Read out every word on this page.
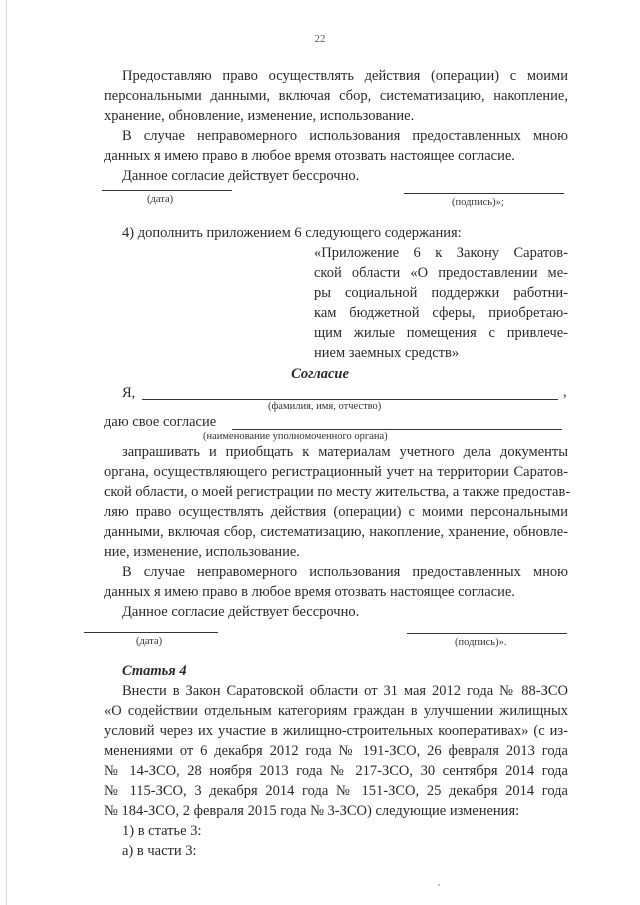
22
Предоставляю право осуществлять действия (операции) с моими
персональными данными, включая сбор, систематизацию, накопление,
хранение, обновление, изменение, использование.
В случае неправомерного использования предоставленных мною
данных я имею право в любое время отозвать настоящее согласие.
Данное согласие действует бессрочно.
(дата)	(подпись)»;
4) дополнить приложением 6 следующего содержания:
«Приложение 6 к Закону Саратов-
ской области «О предоставлении ме-
ры социальной поддержки работни-
кам бюджетной сферы, приобретаю-
щим жилые помещения с привлече-
нием заемных средств»
Согласие
Я,	,
(фамилия, имя, отчество)
даю свое согласие
(наименование уполномоченного органа)
запрашивать и приобщать к материалам учетного дела документы
органа, осуществляющего регистрационный учет на территории Саратов-
ской области, о моей регистрации по месту жительства, а также предостав-
ляю право осуществлять действия (операции) с моими персональными
данными, включая сбор, систематизацию, накопление, хранение, обновле-
ние, изменение, использование.
В случае неправомерного использования предоставленных мною
данных я имею право в любое время отозвать настоящее согласие.
Данное согласие действует бессрочно.
(дата)	(подпись)».
Статья 4
Внести в Закон Саратовской области от 31 мая 2012 года № 88-ЗСО
«О содействии отдельным категориям граждан в улучшении жилищных
условий через их участие в жилищно-строительных кооперативах» (с из-
менениями от 6 декабря 2012 года № 191-ЗСО, 26 февраля 2013 года
№ 14-ЗСО, 28 ноября 2013 года № 217-ЗСО, 30 сентября 2014 года
№ 115-ЗСО, 3 декабря 2014 года № 151-ЗСО, 25 декабря 2014 года
№ 184-ЗСО, 2 февраля 2015 года № 3-ЗСО) следующие изменения:
1) в статье 3:
а) в части 3:
